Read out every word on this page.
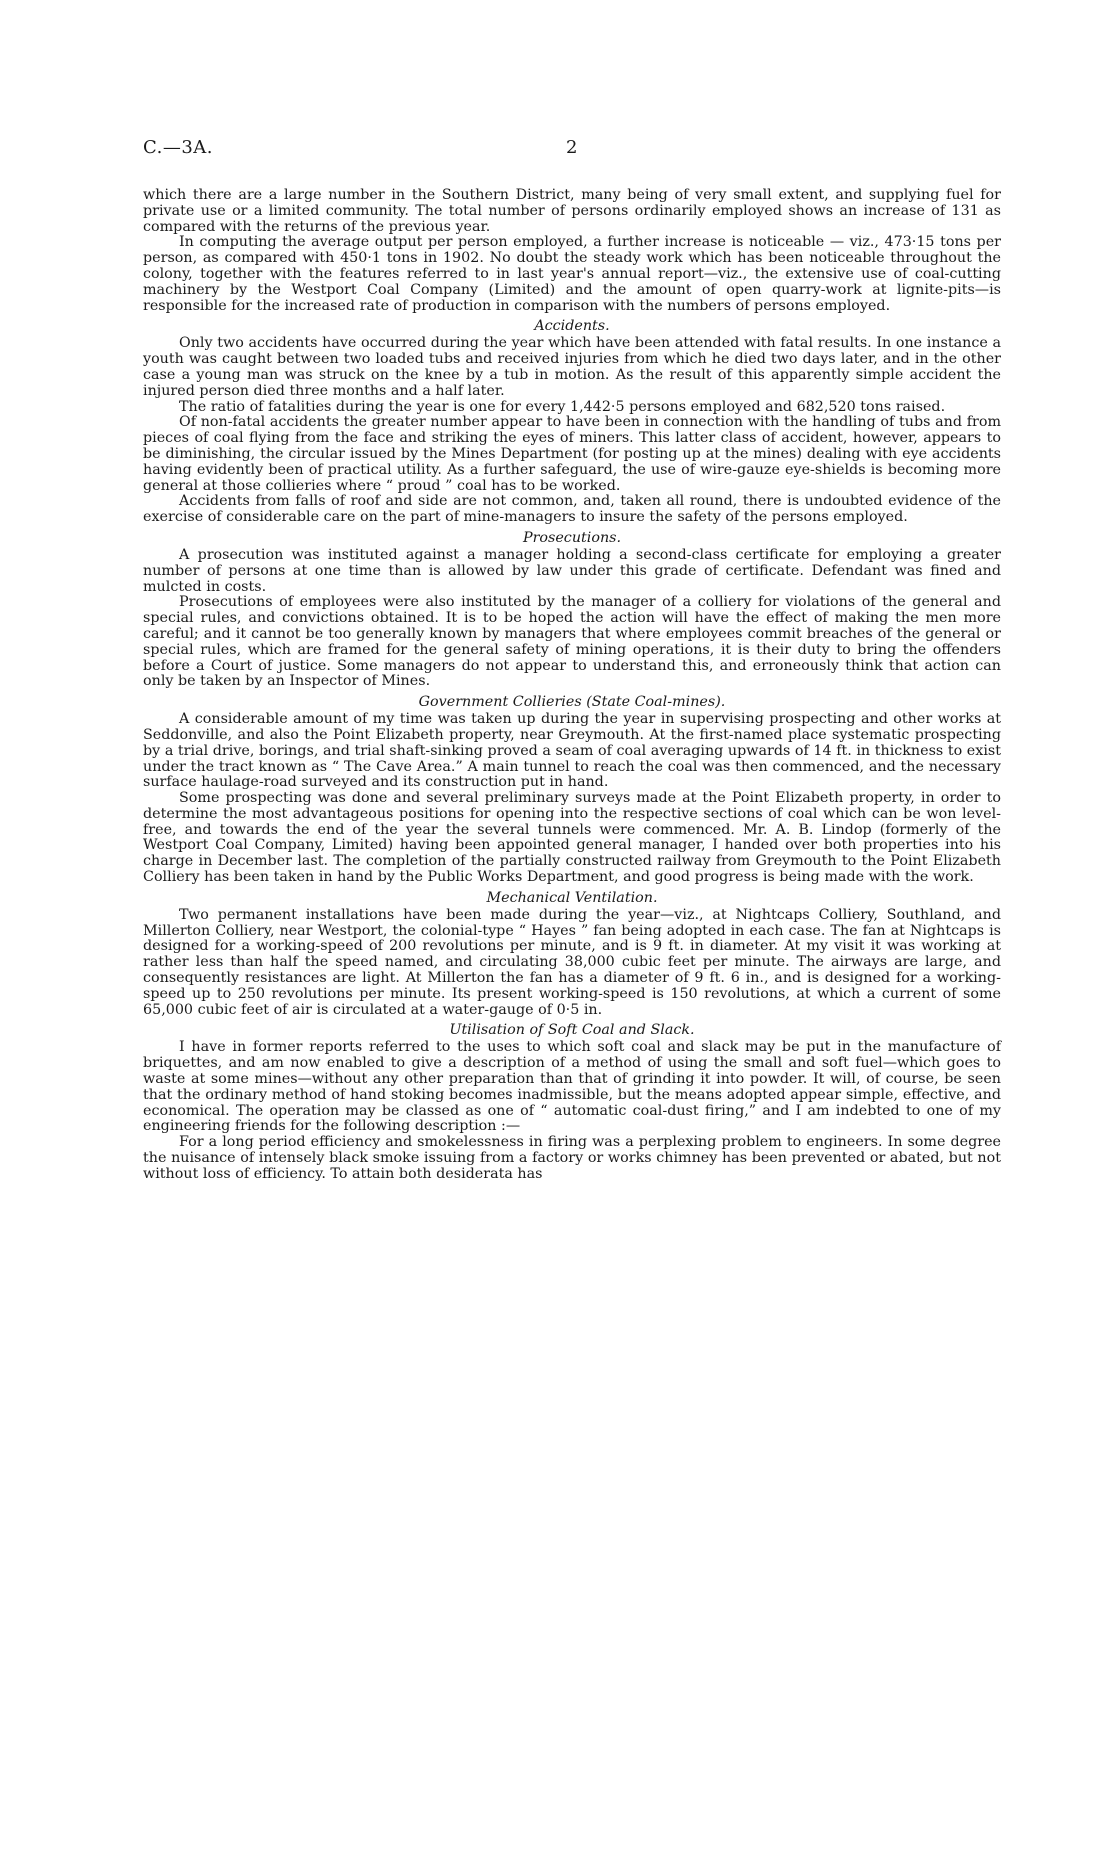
C.—3A.	2

which there are a large number in the Southern District, many being of very small extent, and supplying fuel for private use or a limited community. The total number of persons ordinarily employed shows an increase of 131 as compared with the returns of the previous year.

In computing the average output per person employed, a further increase is noticeable — viz., 473·15 tons per person, as compared with 450·1 tons in 1902. No doubt the steady work which has been noticeable throughout the colony, together with the features referred to in last year's annual report—viz., the extensive use of coal-cutting machinery by the Westport Coal Company (Limited) and the amount of open quarry-work at lignite-pits—is responsible for the increased rate of production in comparison with the numbers of persons employed.

Accidents.

Only two accidents have occurred during the year which have been attended with fatal results. In one instance a youth was caught between two loaded tubs and received injuries from which he died two days later, and in the other case a young man was struck on the knee by a tub in motion. As the result of this apparently simple accident the injured person died three months and a half later.

The ratio of fatalities during the year is one for every 1,442·5 persons employed and 682,520 tons raised.

Of non-fatal accidents the greater number appear to have been in connection with the handling of tubs and from pieces of coal flying from the face and striking the eyes of miners. This latter class of accident, however, appears to be diminishing, the circular issued by the Mines Department (for posting up at the mines) dealing with eye accidents having evidently been of practical utility. As a further safeguard, the use of wire-gauze eye-shields is becoming more general at those collieries where “ proud ” coal has to be worked.

Accidents from falls of roof and side are not common, and, taken all round, there is undoubted evidence of the exercise of considerable care on the part of mine-managers to insure the safety of the persons employed.

Prosecutions.

A prosecution was instituted against a manager holding a second-class certificate for employing a greater number of persons at one time than is allowed by law under this grade of certificate. Defendant was fined and mulcted in costs.

Prosecutions of employees were also instituted by the manager of a colliery for violations of the general and special rules, and convictions obtained. It is to be hoped the action will have the effect of making the men more careful; and it cannot be too generally known by managers that where employees commit breaches of the general or special rules, which are framed for the general safety of mining operations, it is their duty to bring the offenders before a Court of justice. Some managers do not appear to understand this, and erroneously think that action can only be taken by an Inspector of Mines.

Government Collieries (State Coal-mines).

A considerable amount of my time was taken up during the year in supervising prospecting and other works at Seddonville, and also the Point Elizabeth property, near Greymouth. At the first-named place systematic prospecting by a trial drive, borings, and trial shaft-sinking proved a seam of coal averaging upwards of 14 ft. in thickness to exist under the tract known as “ The Cave Area.” A main tunnel to reach the coal was then commenced, and the necessary surface haulage-road surveyed and its construction put in hand.

Some prospecting was done and several preliminary surveys made at the Point Elizabeth property, in order to determine the most advantageous positions for opening into the respective sections of coal which can be won level-free, and towards the end of the year the several tunnels were commenced. Mr. A. B. Lindop (formerly of the Westport Coal Company, Limited) having been appointed general manager, I handed over both properties into his charge in December last. The completion of the partially constructed railway from Greymouth to the Point Elizabeth Colliery has been taken in hand by the Public Works Department, and good progress is being made with the work.

Mechanical Ventilation.

Two permanent installations have been made during the year—viz., at Nightcaps Colliery, Southland, and Millerton Colliery, near Westport, the colonial-type “ Hayes ” fan being adopted in each case. The fan at Nightcaps is designed for a working-speed of 200 revolutions per minute, and is 9 ft. in diameter. At my visit it was working at rather less than half the speed named, and circulating 38,000 cubic feet per minute. The airways are large, and consequently resistances are light. At Millerton the fan has a diameter of 9 ft. 6 in., and is designed for a working-speed up to 250 revolutions per minute. Its present working-speed is 150 revolutions, at which a current of some 65,000 cubic feet of air is circulated at a water-gauge of 0·5 in.

Utilisation of Soft Coal and Slack.

I have in former reports referred to the uses to which soft coal and slack may be put in the manufacture of briquettes, and am now enabled to give a description of a method of using the small and soft fuel—which goes to waste at some mines—without any other preparation than that of grinding it into powder. It will, of course, be seen that the ordinary method of hand stoking becomes inadmissible, but the means adopted appear simple, effective, and economical. The operation may be classed as one of “ automatic coal-dust firing,” and I am indebted to one of my engineering friends for the following description :—

For a long period efficiency and smokelessness in firing was a perplexing problem to engineers. In some degree the nuisance of intensely black smoke issuing from a factory or works chimney has been prevented or abated, but not without loss of efficiency. To attain both desiderata has
